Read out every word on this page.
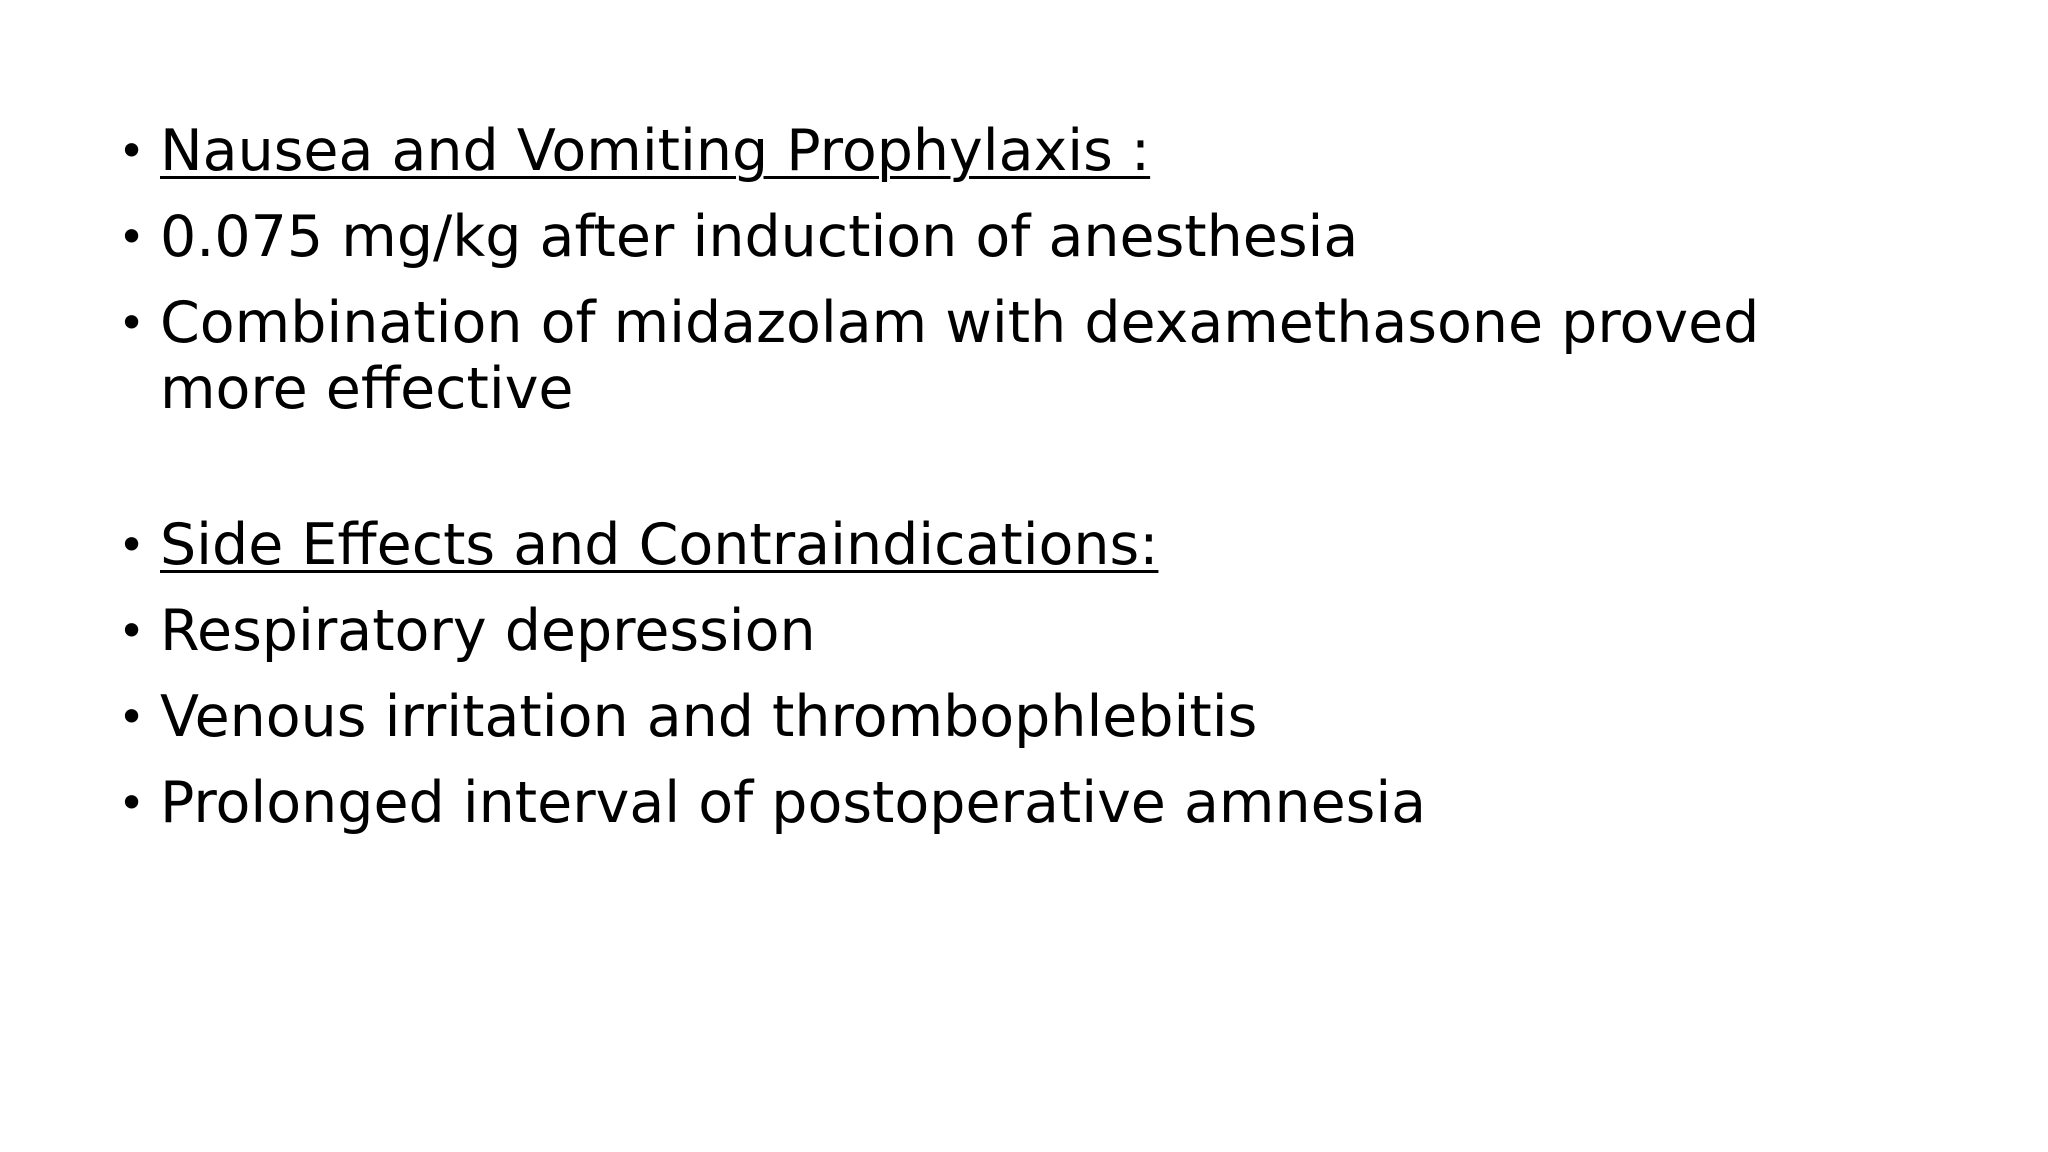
• Nausea and Vomiting Prophylaxis :
• 0.075 mg/kg after induction of anesthesia
• Combination of midazolam with dexamethasone proved more effective
• Side Effects and Contraindications:
• Respiratory depression
• Venous irritation and thrombophlebitis
• Prolonged interval of postoperative amnesia
